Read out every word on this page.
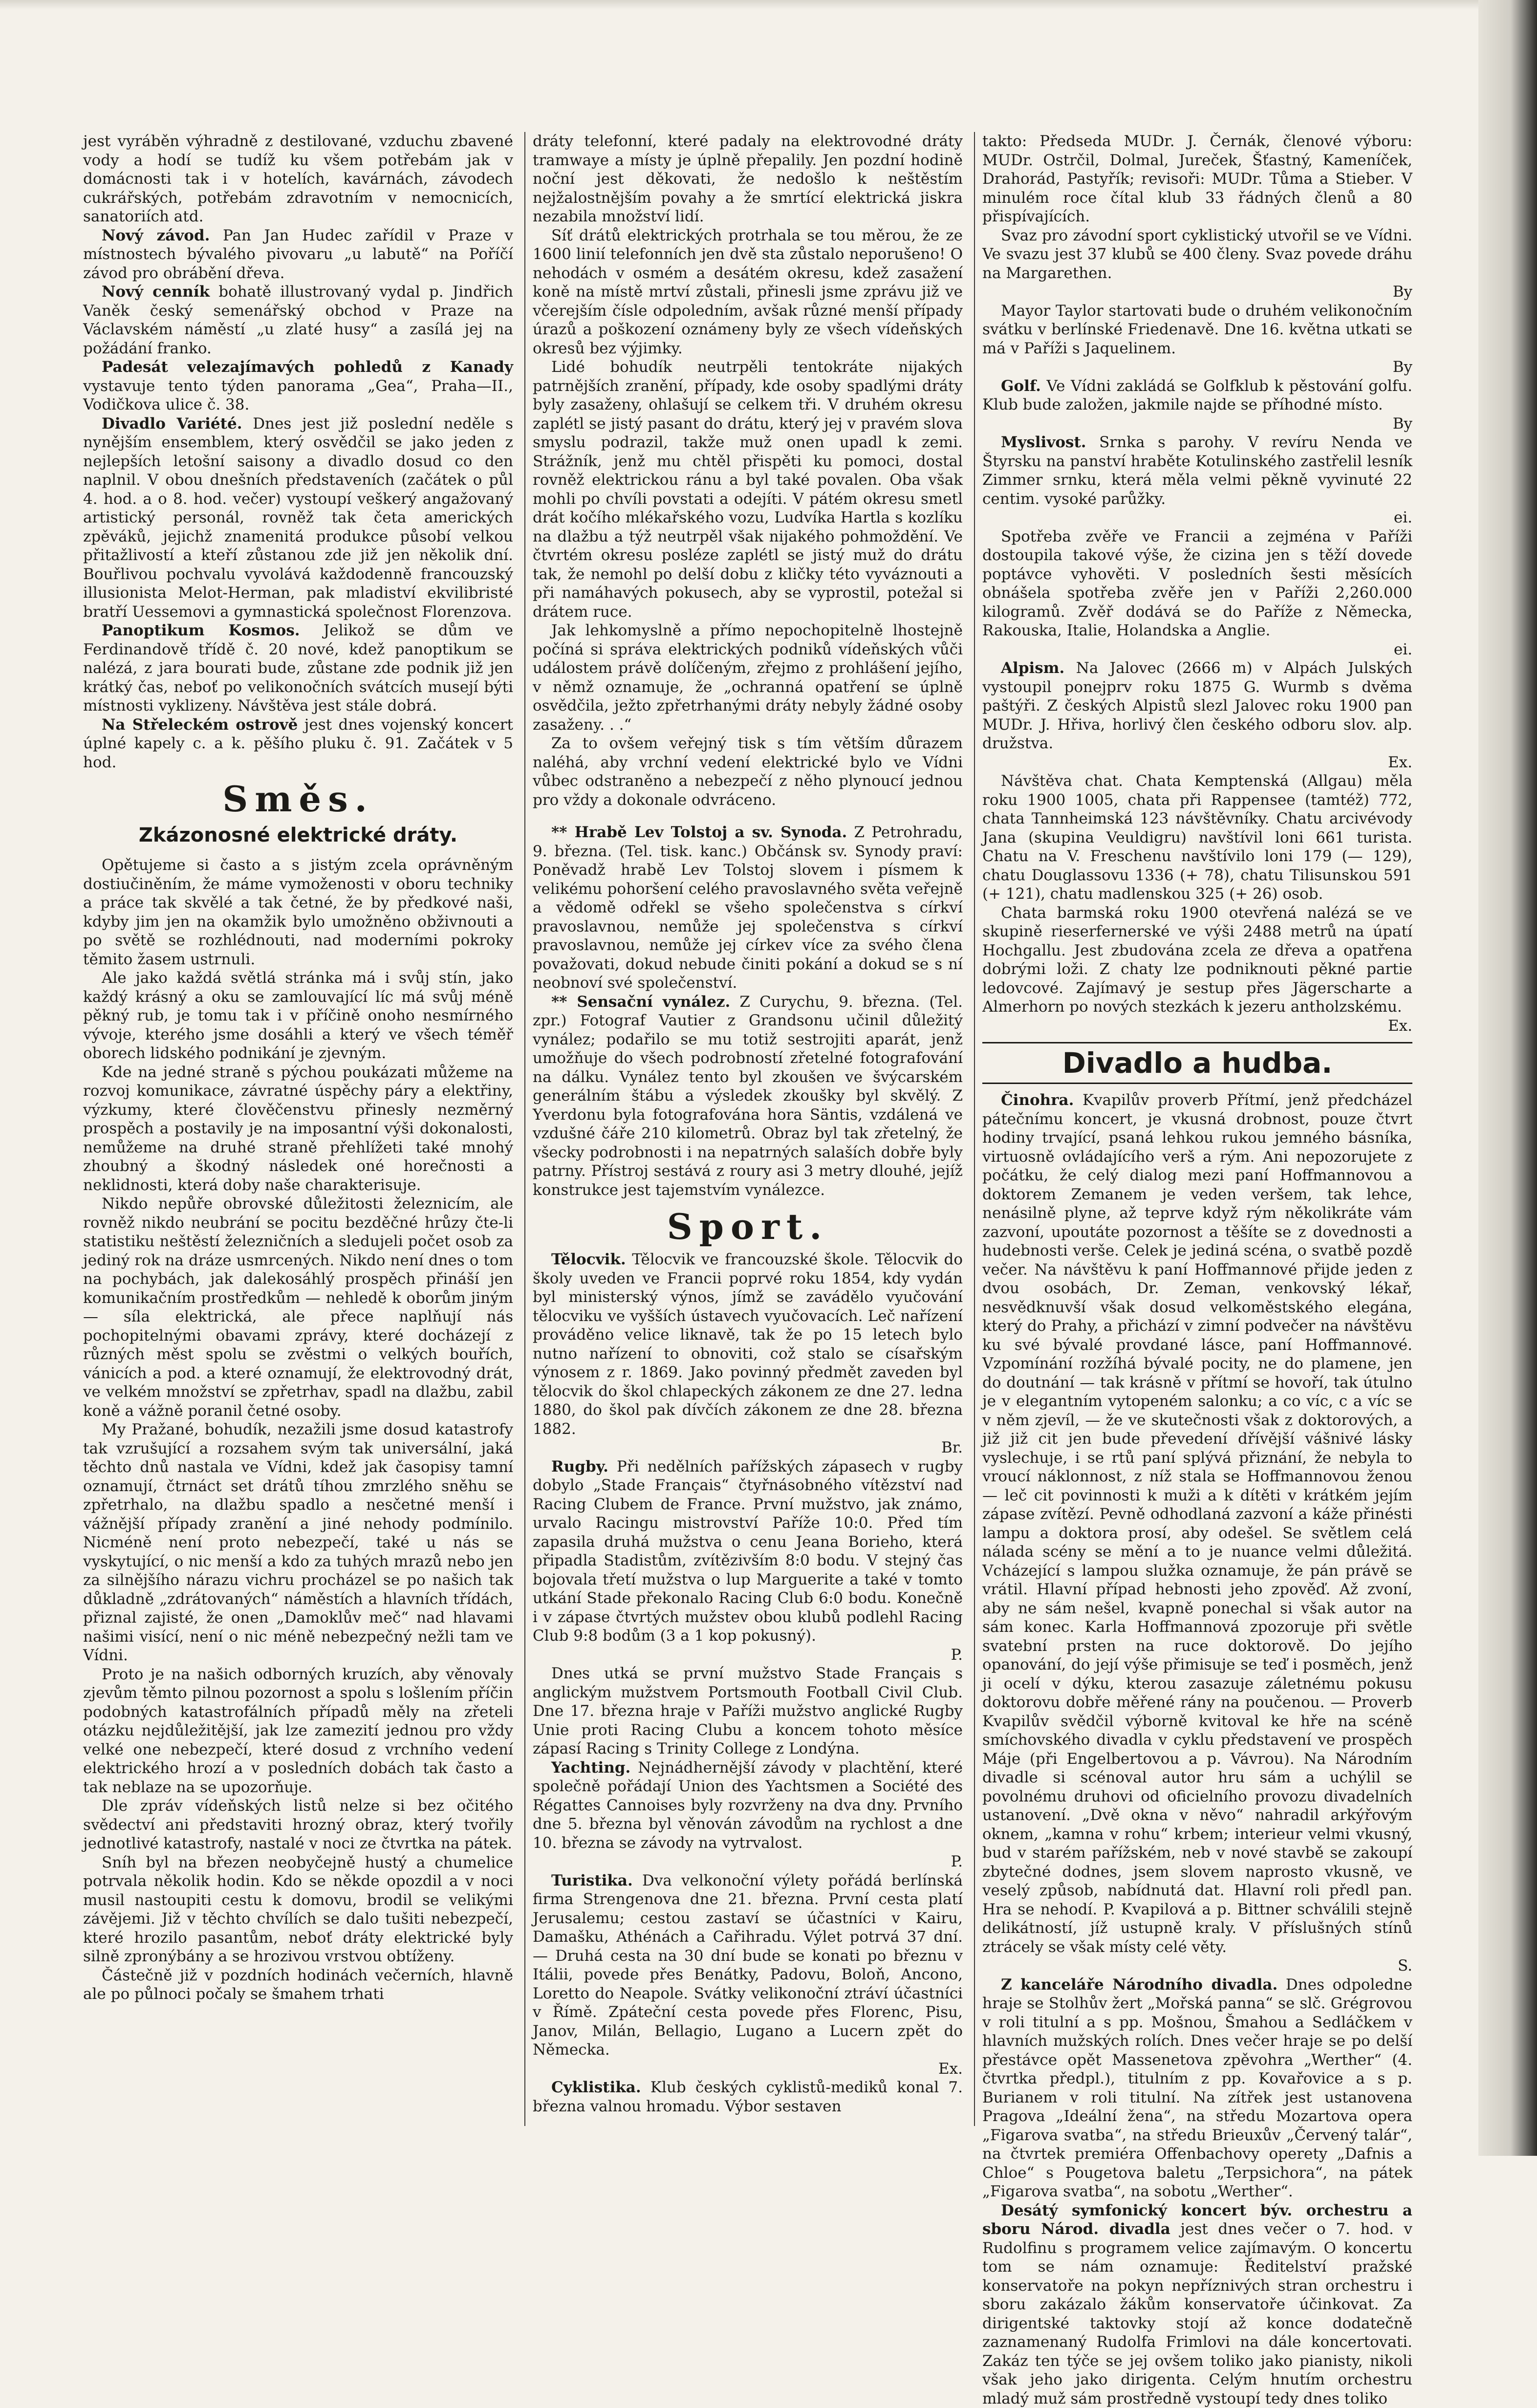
jest vyráběn výhradně z destilované, vzduchu zbavené vody a hodí se tudíž ku všem potřebám jak v domácnosti tak i v hotelích, kavárnách, závodech cukrářských, potřebám zdravotním v nemocnicích, sanatoriích atd.

Nový závod. Pan Jan Hudec zařídil v Praze v místnostech bývalého pivovaru „u labutě“ na Poříčí závod pro obrábění dřeva.

Nový cenník bohatě illustrovaný vydal p. Jindřich Vaněk český semenářský obchod v Praze na Václavském náměstí „u zlaté husy“ a zasílá jej na požádání franko.

Padesát velezajímavých pohledů z Kanady vystavuje tento týden panorama „Gea“, Praha—II., Vodičkova ulice č. 38.

Divadlo Variété. Dnes jest již poslední neděle s nynějším ensemblem, který osvědčil se jako jeden z nejlepších letošní saisony a divadlo dosud co den naplnil. V obou dnešních představeních (začátek o půl 4. hod. a o 8. hod. večer) vystoupí veškerý angažovaný artistický personál, rovněž tak četa amerických zpěváků, jejichž znamenitá produkce působí velkou přitažlivostí a kteří zůstanou zde již jen několik dní. Bouřlivou pochvalu vyvolává každodenně francouzský illusionista Melot-Herman, pak mladiství ekvilibristé bratří Uessemovi a gymnastická společnost Florenzova.

Panoptikum Kosmos. Jelikož se dům ve Ferdinandově třídě č. 20 nové, kdež panoptikum se nalézá, z jara bourati bude, zůstane zde podnik již jen krátký čas, neboť po velikonočních svátcích musejí býti místnosti vyklizeny. Návštěva jest stále dobrá.

Na Střeleckém ostrově jest dnes vojenský koncert úplné kapely c. a k. pěšího pluku č. 91. Začátek v 5 hod.

Směs.
Zkázonosné elektrické dráty.

Opětujeme si často a s jistým zcela oprávněným dostiučiněním, že máme vymoženosti v oboru techniky a práce tak skvělé a tak četné, že by předkové naši, kdyby jim jen na okamžik bylo umožněno obživnouti a po světě se rozhlédnouti, nad moderními pokroky těmito žasem ustrnuli.

Ale jako každá světlá stránka má i svůj stín, jako každý krásný a oku se zamlouvající líc má svůj méně pěkný rub, je tomu tak i v příčině onoho nesmírného vývoje, kterého jsme dosáhli a který ve všech téměř oborech lidského podnikání je zjevným.

Kde na jedné straně s pýchou poukázati můžeme na rozvoj komunikace, závratné úspěchy páry a elektřiny, výzkumy, které člověčenstvu přinesly nezměrný prospěch a postavily je na imposantní výši dokonalosti, nemůžeme na druhé straně přehlížeti také mnohý zhoubný a škodný následek oné horečnosti a neklidnosti, která doby naše charakterisuje.

Nikdo nepůře obrovské důležitosti železnicím, ale rovněž nikdo neubrání se pocitu bezděčné hrůzy čte-li statistiku neštěstí železničních a sledujeli počet osob za jediný rok na dráze usmrcených. Nikdo není dnes o tom na pochybách, jak dalekosáhlý prospěch přináší jen komunikačním prostředkům — nehledě k oborům jiným — síla elektrická, ale přece naplňují nás pochopitelnými obavami zprávy, které docházejí z různých měst spolu se zvěstmi o velkých bouřích, vánicích a pod. a které oznamují, že elektrovodný drát, ve velkém množství se zpřetrhav, spadl na dlažbu, zabil koně a vážně poranil četné osoby.

My Pražané, bohudík, nezažili jsme dosud katastrofy tak vzrušující a rozsahem svým tak universální, jaká těchto dnů nastala ve Vídni, kdež jak časopisy tamní oznamují, čtrnáct set drátů tíhou zmrzlého sněhu se zpřetrhalo, na dlažbu spadlo a nesčetné menší i vážnější případy zranění a jiné nehody podmínilo. Nicméně není proto nebezpečí, také u nás se vyskytující, o nic menší a kdo za tuhých mrazů nebo jen za silnějšího nárazu vichru procházel se po našich tak důkladně „zdrátovaných“ náměstích a hlavních třídách, přiznal zajisté, že onen „Damoklův meč“ nad hlavami našimi visící, není o nic méně nebezpečný nežli tam ve Vídni.

Proto je na našich odborných kruzích, aby věnovaly zjevům těmto pilnou pozornost a spolu s lošlením příčin podobných katastrofálních případů měly na zřeteli otázku nejdůležitější, jak lze zamezití jednou pro vždy velké one nebezpečí, které dosud z vrchního vedení elektrického hrozí a v posledních dobách tak často a tak neblaze na se upozorňuje.

Dle zpráv vídeňských listů nelze si bez očitého svědectví ani představiti hrozný obraz, který tvořily jednotlivé katastrofy, nastalé v noci ze čtvrtka na pátek.

Sníh byl na březen neobyčejně hustý a chumelice potrvala několik hodin. Kdo se někde opozdil a v noci musil nastoupiti cestu k domovu, brodil se velikými závějemi. Již v těchto chvílích se dalo tušiti nebezpečí, které hrozilo pasantům, neboť dráty elektrické byly silně zpronýbány a se hrozivou vrstvou obtíženy.

Částečně již v pozdních hodinách večerních, hlavně ale po půlnoci počaly se šmahem trhati

dráty telefonní, které padaly na elektrovodné dráty tramwaye a místy je úplně přepalily. Jen pozdní hodině noční jest děkovati, že nedošlo k neštěstím nejžalostnějším povahy a že smrtící elektrická jiskra nezabila množství lidí.

Síť drátů elektrických protrhala se tou měrou, že ze 1600 linií telefonních jen dvě sta zůstalo neporušeno! O nehodách v osmém a desátém okresu, kdež zasažení koně na místě mrtví zůstali, přinesli jsme zprávu již ve včerejším čísle odpoledním, avšak různé menší případy úrazů a poškození oznámeny byly ze všech vídeňských okresů bez výjimky.

Lidé bohudík neutrpěli tentokráte nijakých patrnějších zranění, případy, kde osoby spadlými dráty byly zasaženy, ohlašují se celkem tři. V druhém okresu zaplétl se jistý pasant do drátu, který jej v pravém slova smyslu podrazil, takže muž onen upadl k zemi. Strážník, jenž mu chtěl přispěti ku pomoci, dostal rovněž elektrickou ránu a byl také povalen. Oba však mohli po chvíli povstati a odejíti. V pátém okresu smetl drát kočího mlékařského vozu, Ludvíka Hartla s kozlíku na dlažbu a týž neutrpěl však nijakého pohmoždění. Ve čtvrtém okresu posléze zaplétl se jistý muž do drátu tak, že nemohl po delší dobu z kličky této vyváznouti a při namáhavých pokusech, aby se vyprostil, potežal si drátem ruce.

Jak lehkomyslně a přímo nepochopitelně lhostejně počíná si správa elektrických podniků vídeňských vůči událostem právě dolíčeným, zřejmo z prohlášení jejího, v němž oznamuje, že „ochranná opatření se úplně osvědčila, ježto zpřetrhanými dráty nebyly žádné osoby zasaženy. . .“

Za to ovšem veřejný tisk s tím větším důrazem naléhá, aby vrchní vedení elektrické bylo ve Vídni vůbec odstraněno a nebezpečí z něho plynoucí jednou pro vždy a dokonale odvráceno.

** Hrabě Lev Tolstoj a sv. Synoda. Z Petrohradu, 9. března. (Tel. tisk. kanc.) Občánsk sv. Synody praví: Poněvadž hrabě Lev Tolstoj slovem i písmem k velikému pohoršení celého pravoslavného světa veřejně a vědomě odřekl se všeho společenstva s církví pravoslavnou, nemůže jej společenstva s církví pravoslavnou, nemůže jej církev více za svého člena považovati, dokud nebude činiti pokání a dokud se s ní neobnoví své společenství.

** Sensační vynález. Z Curychu, 9. března. (Tel. zpr.) Fotograf Vautier z Grandsonu učinil důležitý vynález; podařilo se mu totiž sestrojiti aparát, jenž umožňuje do všech podrobností zřetelné fotografování na dálku. Vynález tento byl zkoušen ve švýcarském generálním štábu a výsledek zkoušky byl skvělý. Z Yverdonu byla fotografována hora Säntis, vzdálená ve vzdušné čáře 210 kilometrů. Obraz byl tak zřetelný, že všecky podrobnosti i na nepatrných salaších dobře byly patrny. Přístroj sestává z roury asi 3 metry dlouhé, jejíž konstrukce jest tajemstvím vynálezce.

Sport.

Tělocvik. Tělocvik ve francouzské škole. Tělocvik do školy uveden ve Francii poprvé roku 1854, kdy vydán byl ministerský výnos, jímž se zavádělo vyučování tělocviku ve vyšších ústavech vyučovacích. Leč nařízení prováděno velice liknavě, tak že po 15 letech bylo nutno nařízení to obnoviti, což stalo se císařským výnosem z r. 1869. Jako povinný předmět zaveden byl tělocvik do škol chlapeckých zákonem ze dne 27. ledna 1880, do škol pak dívčích zákonem ze dne 28. března 1882.

Br.

Rugby. Při nedělních pařížských zápasech v rugby dobylo „Stade Français“ čtyřnásobného vítězství nad Racing Clubem de France. První mužstvo, jak známo, urvalo Racingu mistrovství Paříže 10:0. Před tím zapasila druhá mužstva o cenu Jeana Borieho, která připadla Stadistům, zvítězivším 8:0 bodu. V stejný čas bojovala třetí mužstva o lup Marguerite a také v tomto utkání Stade překonalo Racing Club 6:0 bodu. Konečně i v zápase čtvrtých mužstev obou klubů podlehl Racing Club 9:8 bodům (3 a 1 kop pokusný).

P.

Dnes utká se první mužstvo Stade Français s anglickým mužstvem Portsmouth Football Civil Club. Dne 17. března hraje v Paříži mužstvo anglické Rugby Unie proti Racing Clubu a koncem tohoto měsíce zápasí Racing s Trinity College z Londýna.

Yachting. Nejnádhernější závody v plachtění, které společně pořádají Union des Yachtsmen a Société des Régattes Cannoises byly rozvrženy na dva dny. Prvního dne 5. března byl věnován závodům na rychlost a dne 10. března se závody na vytrvalost.

P.

Turistika. Dva velkonoční výlety pořádá berlínská firma Strengenova dne 21. března. První cesta platí Jerusalemu; cestou zastaví se účastníci v Kairu, Damašku, Athénách a Cařihradu. Výlet potrvá 37 dní. — Druhá cesta na 30 dní bude se konati po březnu v Itálii, povede přes Benátky, Padovu, Boloň, Ancono, Loretto do Neapole. Svátky velikonoční ztráví účastníci v Římě. Zpáteční cesta povede přes Florenc, Pisu, Janov, Milán, Bellagio, Lugano a Lucern zpět do Německa.

Ex.

Cyklistika. Klub českých cyklistů-mediků konal 7. března valnou hromadu. Výbor sestaven

takto: Předseda MUDr. J. Černák, členové výboru: MUDr. Ostrčil, Dolmal, Jureček, Šťastný, Kameníček, Drahorád, Pastyřík; revisoři: MUDr. Tůma a Stieber. V minulém roce čítal klub 33 řádných členů a 80 přispívajících.

Svaz pro závodní sport cyklistický utvořil se ve Vídni. Ve svazu jest 37 klubů se 400 členy. Svaz povede dráhu na Margarethen.

By

Mayor Taylor startovati bude o druhém velikonočním svátku v berlínské Friedenavě. Dne 16. května utkati se má v Paříži s Jaquelinem.

By

Golf. Ve Vídni zakládá se Golfklub k pěstování golfu. Klub bude založen, jakmile najde se příhodné místo.

By

Myslivost. Srnka s parohy. V revíru Nenda ve Štyrsku na panství hraběte Kotulinského zastřelil lesník Zimmer srnku, která měla velmi pěkně vyvinuté 22 centim. vysoké parůžky.

ei.

Spotřeba zvěře ve Francii a zejména v Paříži dostoupila takové výše, že cizina jen s těží dovede poptávce vyhověti. V posledních šesti měsících obnášela spotřeba zvěře jen v Paříži 2,260.000 kilogramů. Zvěř dodává se do Paříže z Německa, Rakouska, Italie, Holandska a Anglie.

ei.

Alpism. Na Jalovec (2666 m) v Alpách Julských vystoupil ponejprv roku 1875 G. Wurmb s dvěma paštýři. Z českých Alpistů slezl Jalovec roku 1900 pan MUDr. J. Hřiva, horlivý člen českého odboru slov. alp. družstva.

Ex.

Návštěva chat. Chata Kemptenská (Allgau) měla roku 1900 1005, chata při Rappensee (tamtéž) 772, chata Tannheimská 123 návštěvníky. Chatu arcivévody Jana (skupina Veuldigru) navštívil loni 661 turista. Chatu na V. Freschenu navštívilo loni 179 (— 129), chatu Douglassovu 1336 (+ 78), chatu Tilisunskou 591 (+ 121), chatu madlenskou 325 (+ 26) osob.

Chata barmská roku 1900 otevřená nalézá se ve skupině rieserfernerské ve výši 2488 metrů na úpatí Hochgallu. Jest zbudována zcela ze dřeva a opatřena dobrými loži. Z chaty lze podniknouti pěkné partie ledovcové. Zajímavý je sestup přes Jägerscharte a Almerhorn po nových stezkách k jezeru antholzskému.

Ex.
Divadlo a hudba.

Činohra. Kvapilův proverb Přítmí, jenž předcházel pátečnímu koncert, je vkusná drobnost, pouze čtvrt hodiny trvající, psaná lehkou rukou jemného básníka, virtuosně ovládajícího verš a rým. Ani nepozorujete z počátku, že celý dialog mezi paní Hoffmannovou a doktorem Zemanem je veden veršem, tak lehce, nenásilně plyne, až teprve když rým několikráte vám zazvoní, upoutáte pozornost a těšíte se z dovednosti a hudebnosti verše. Celek je jediná scéna, o svatbě pozdě večer. Na návštěvu k paní Hoffmannové přijde jeden z dvou osobách, Dr. Zeman, venkovský lékař, nesvědknuvší však dosud velkoměstského elegána, který do Prahy, a přichází v zimní podvečer na návštěvu ku své bývalé provdané lásce, paní Hoffmannové. Vzpomínání rozžíhá bývalé pocity, ne do plamene, jen do doutnání — tak krásně v přítmí se hovoří, tak útulno je v elegantním vytopeném salonku; a co víc, c a víc se v něm zjevíl, — že ve skutečnosti však z doktorových, a již již cit jen bude převedení dřívější vášnivé lásky vyslechuje, i se rtů paní splývá přiznání, že nebyla to vroucí náklonnost, z níž stala se Hoffmannovou ženou — leč cit povinnosti k muži a k dítěti v krátkém jejím zápase zvítězí. Pevně odhodlaná zazvoní a káže přinésti lampu a doktora prosí, aby odešel. Se světlem celá nálada scény se mění a to je nuance velmi důležitá. Vcházející s lampou služka oznamuje, že pán právě se vrátil. Hlavní případ hebnosti jeho zpověď. Až zvoní, aby ne sám nešel, kvapně ponechal si však autor na sám konec. Karla Hoffmannová zpozoruje při světle svatební prsten na ruce doktorově. Do jejího opanování, do její výše přimisuje se teď i posměch, jenž ji ocelí v dýku, kterou zasazuje záletnému pokusu doktorovu dobře měřené rány na poučenou. — Proverb Kvapilův svědčil výborně kvitoval ke hře na scéně smíchovského divadla v cyklu představení ve prospěch Máje (při Engelbertovou a p. Vávrou). Na Národním divadle si scénoval autor hru sám a uchýlil se povolnému druhovi od oficielního provozu divadelních ustanovení. „Dvě okna v něvo“ nahradil arkýřovým oknem, „kamna v rohu“ krbem; interieur velmi vkusný, bud v starém pařížském, neb v nové stavbě se zakoupí zbytečné dodnes, jsem slovem naprosto vkusně, ve veselý způsob, nabídnutá dat. Hlavní roli předl pan. Hra se nehodí. P. Kvapilová a p. Bittner schválili stejně delikátností, jíž ustupně kraly. V příslušných stínů ztrácely se však místy celé věty.

S.

Z kanceláře Národního divadla. Dnes odpoledne hraje se Stolhův žert „Mořská panna“ se slč. Grégrovou v roli titulní a s pp. Mošnou, Šmahou a Sedláčkem v hlavních mužských rolích. Dnes večer hraje se po delší přestávce opět Massenetova zpěvohra „Werther“ (4. čtvrtka předpl.), titulním z pp. Kovařovice a s p. Burianem v roli titulní. Na zítřek jest ustanovena Pragova „Ideální žena“, na středu Mozartova opera „Figarova svatba“, na středu Brieuxův „Červený talár“, na čtvrtek premiéra Offenbachovy operety „Dafnis a Chloe“ s Pougetova baletu „Terpsichora“, na pátek „Figarova svatba“, na sobotu „Werther“.

Desátý symfonický koncert býv. orchestru a sboru Národ. divadla jest dnes večer o 7. hod. v Rudolfinu s programem velice zajímavým. O koncertu tom se nám oznamuje: Ředitelství pražské konservatoře na pokyn nepříznivých stran orchestru i sboru zakázalo žákům konservatoře účinkovat. Za dirigentské taktovky stojí až konce dodatečně zaznamenaný Rudolfa Frimlovi na dále koncertovati. Zakáz ten týče se jej ovšem toliko jako pianisty, nikoli však jeho jako dirigenta. Celým hnutím orchestru mladý muž sám prostředně vystoupí tedy dnes tolikо
